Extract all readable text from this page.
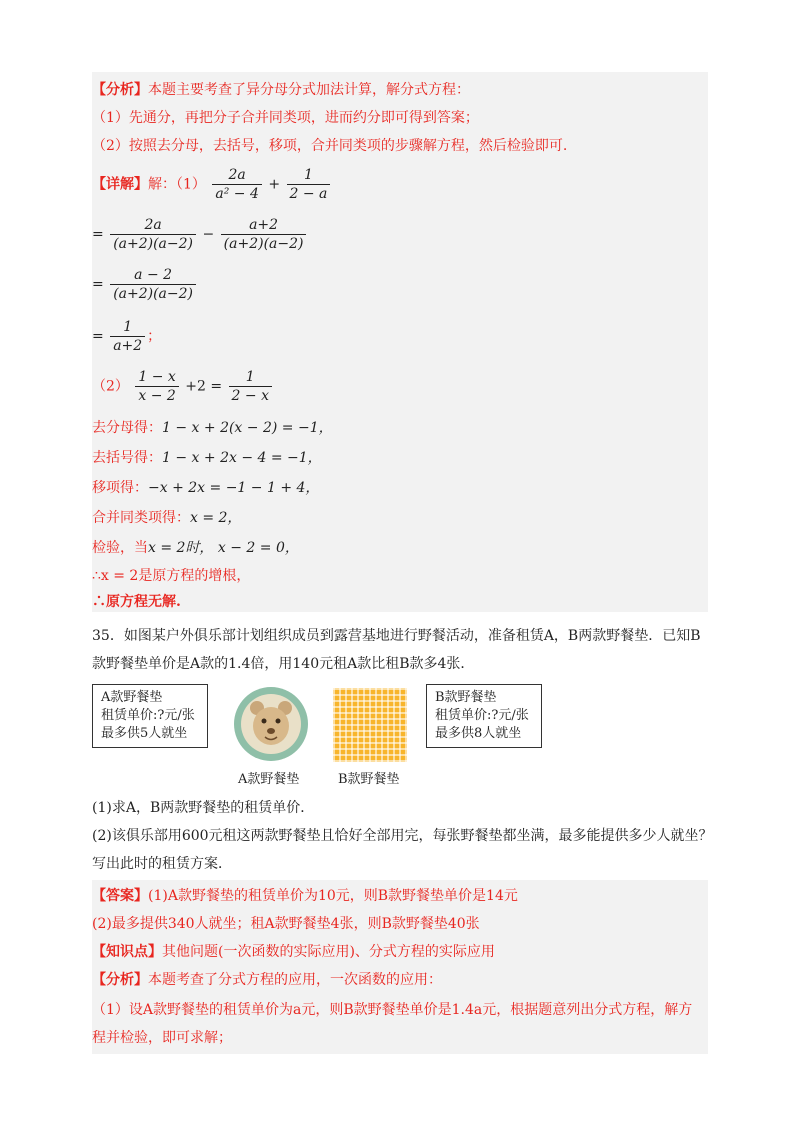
【分析】本题主要考查了异分母分式加法计算，解分式方程：
（1）先通分，再把分子合并同类项，进而约分即可得到答案；
（2）按照去分母，去括号，移项，合并同类项的步骤解方程，然后检验即可.
【详解】解：$(1) \frac{2a}{\text{a² − 4}} + \frac{1}{2 - a}$
= $\frac{2a}{(a+2)(a-2)} - \frac{a+2}{(a+2)(a-2)}$
= $\frac{a - 2}{(a+2)(a-2)}$
= $\frac{1}{a+2}$ ；
$(2) \frac{1 - x}{x - 2} +2 = \frac{1}{2 - x}$
去分母得：1 − x + 2(x − 2) = −1，
去括号得：1 − x + 2x − 4 = −1，
移项得：−x + 2x = −1 − 1 + 4，
合并同类项得：x = 2，
检验，当x = 2时， x − 2 = 0，
∴x = 2是原方程的增根，
∴原方程无解.
35．如图某户外俱乐部计划组织成员到露营基地进行野餐活动，准备租赁A，B两款野餐垫．已知B
款野餐垫单价是A款的1.4倍，用140元租A款比租B款多4张．
A款野餐垫
租赁单价:?元/张
最多供5人就坐
B款野餐垫
租赁单价:?元/张
最多供8人就坐
A款野餐垫	B款野餐垫
(1)求A，B两款野餐垫的租赁单价．
(2)该俱乐部用600元租这两款野餐垫且恰好全部用完，每张野餐垫都坐满，最多能提供多少人就坐？
写出此时的租赁方案．
【答案】(1)A款野餐垫的租赁单价为10元，则B款野餐垫单价是14元
(2)最多提供340人就坐；租A款野餐垫4张，则B款野餐垫40张
【知识点】其他问题(一次函数的实际应用)、分式方程的实际应用
【分析】本题考查了分式方程的应用，一次函数的应用：
（1）设A款野餐垫的租赁单价为a元，则B款野餐垫单价是1.4a元，根据题意列出分式方程，解方
程并检验，即可求解；
